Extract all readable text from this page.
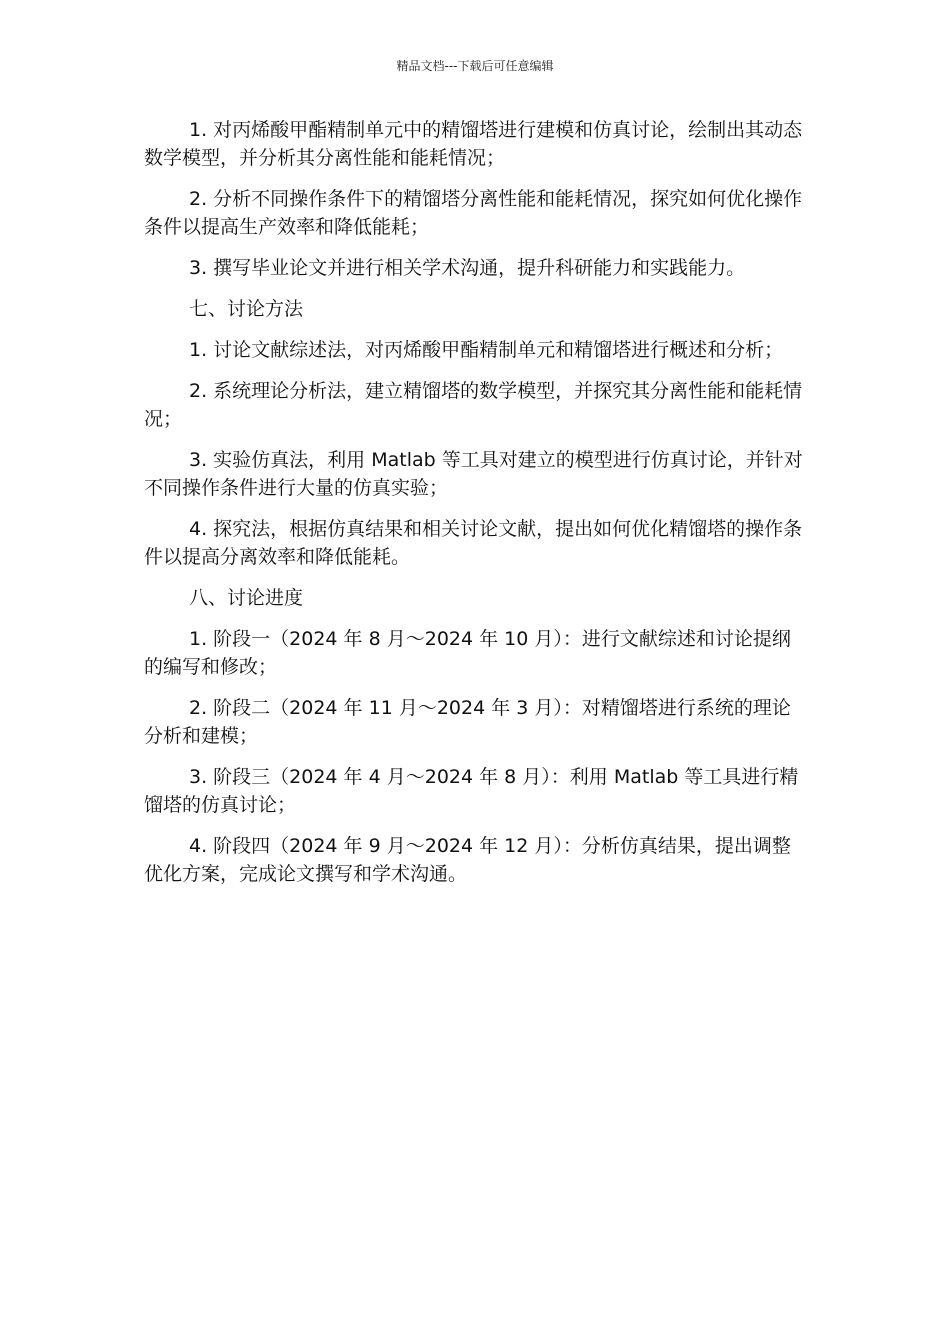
精品文档---下载后可任意编辑

1. 对丙烯酸甲酯精制单元中的精馏塔进行建模和仿真讨论，绘制出其动态数学模型，并分析其分离性能和能耗情况；

2. 分析不同操作条件下的精馏塔分离性能和能耗情况，探究如何优化操作条件以提高生产效率和降低能耗；

3. 撰写毕业论文并进行相关学术沟通，提升科研能力和实践能力。

七、讨论方法

1. 讨论文献综述法，对丙烯酸甲酯精制单元和精馏塔进行概述和分析；

2. 系统理论分析法，建立精馏塔的数学模型，并探究其分离性能和能耗情况；

3. 实验仿真法，利用 Matlab 等工具对建立的模型进行仿真讨论，并针对不同操作条件进行大量的仿真实验；

4. 探究法，根据仿真结果和相关讨论文献，提出如何优化精馏塔的操作条件以提高分离效率和降低能耗。

八、讨论进度

1. 阶段一（2024 年 8 月～2024 年 10 月）：进行文献综述和讨论提纲的编写和修改；

2. 阶段二（2024 年 11 月～2024 年 3 月）：对精馏塔进行系统的理论分析和建模；

3. 阶段三（2024 年 4 月～2024 年 8 月）：利用 Matlab 等工具进行精馏塔的仿真讨论；

4. 阶段四（2024 年 9 月～2024 年 12 月）：分析仿真结果，提出调整优化方案，完成论文撰写和学术沟通。
